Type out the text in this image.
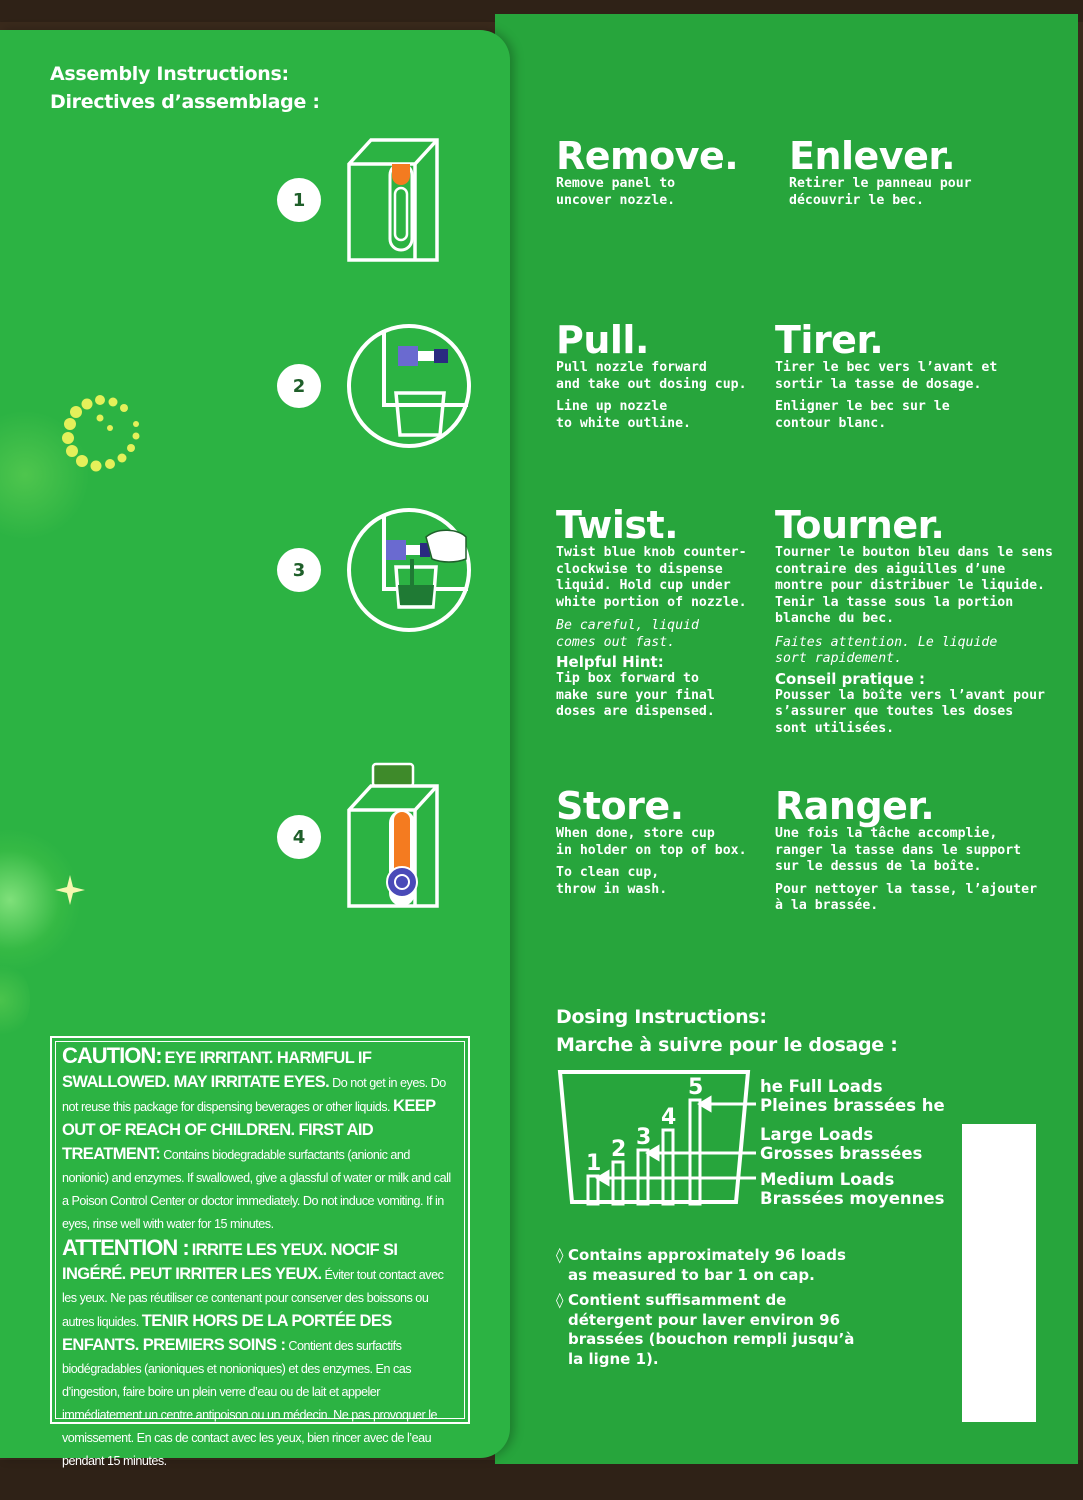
Remove.
Remove panel to
uncover nozzle.
Enlever.
Retirer le panneau pour
découvrir le bec.
Pull.
Pull nozzle forward
and take out dosing cup.
Line up nozzle
to white outline.
Tirer.
Tirer le bec vers l’avant et
sortir la tasse de dosage.
Enligner le bec sur le
contour blanc.
Twist.
Twist blue knob counter-
clockwise to dispense
liquid. Hold cup under
white portion of nozzle.
Be careful, liquid
comes out fast.
Helpful Hint:
Tip box forward to
make sure your final
doses are dispensed.
Tourner.
Tourner le bouton bleu dans le sens
contraire des aiguilles d’une
montre pour distribuer le liquide.
Tenir la tasse sous la portion
blanche du bec.
Faites attention. Le liquide
sort rapidement.
Conseil pratique :
Pousser la boîte vers l’avant pour
s’assurer que toutes les doses
sont utilisées.
Store.
When done, store cup
in holder on top of box.
To clean cup,
throw in wash.
Ranger.
Une fois la tâche accomplie,
ranger la tasse dans le support
sur le dessus de la boîte.
Pour nettoyer la tasse, l’ajouter
à la brassée.
Dosing Instructions:
Marche à suivre pour le dosage :
1
2 3
4
5	he Full Loads
Pleines brassées he
Large Loads
Grosses brassées
Medium Loads
Brassées moyennes
◊ Contains approximately 96 loads as measured to bar 1 on cap.
◊ Contient suffisamment de détergent pour laver environ 96 brassées (bouchon rempli jusqu’à la ligne 1).
Assembly Instructions:
Directives d’assemblage :
1
2
3
4

CAUTION: EYE IRRITANT. HARMFUL IF SWALLOWED. MAY IRRITATE EYES. Do not get in eyes. Do not reuse this package for dispensing beverages or other liquids. KEEP OUT OF REACH OF CHILDREN. FIRST AID TREATMENT: Contains biodegradable surfactants (anionic and nonionic) and enzymes. If swallowed, give a glassful of water or milk and call a Poison Control Center or doctor immediately. Do not induce vomiting. If in eyes, rinse well with water for 15 minutes.

ATTENTION : IRRITE LES YEUX. NOCIF SI INGÉRÉ. PEUT IRRITER LES YEUX. Éviter tout contact avec les yeux. Ne pas réutiliser ce contenant pour conserver des boissons ou autres liquides. TENIR HORS DE LA PORTÉE DES ENFANTS. PREMIERS SOINS : Contient des surfactifs biodégradables (anioniques et nonioniques) et des enzymes. En cas d’ingestion, faire boire un plein verre d’eau ou de lait et appeler immédiatement un centre antipoison ou un médecin. Ne pas provoquer le vomissement. En cas de contact avec les yeux, bien rincer avec de l’eau pendant 15 minutes.
